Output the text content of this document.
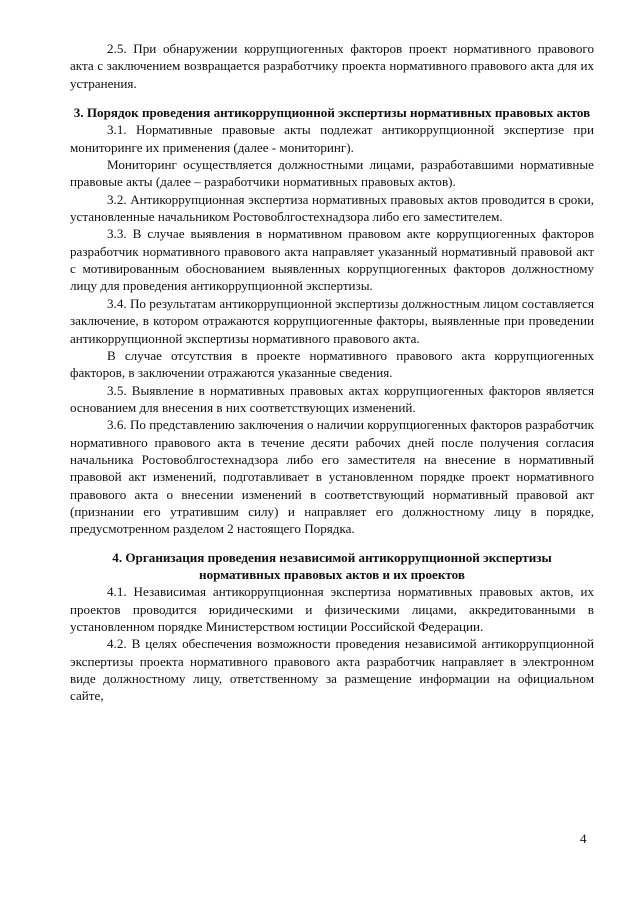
2.5. При обнаружении коррупциогенных факторов проект нормативного правового акта с заключением возвращается разработчику проекта нормативного правового акта для их устранения.

3. Порядок проведения антикоррупционной экспертизы нормативных правовых актов

3.1. Нормативные правовые акты подлежат антикоррупционной экспертизе при мониторинге их применения (далее - мониторинг).

Мониторинг осуществляется должностными лицами, разработавшими нормативные правовые акты (далее – разработчики нормативных правовых актов).

3.2. Антикоррупционная экспертиза нормативных правовых актов проводится в сроки, установленные начальником Ростовоблгостехнадзора либо его заместителем.

3.3. В случае выявления в нормативном правовом акте коррупциогенных факторов разработчик нормативного правового акта направляет указанный нормативный правовой акт с мотивированным обоснованием выявленных коррупциогенных факторов должностному лицу для проведения антикоррупционной экспертизы.

3.4. По результатам антикоррупционной экспертизы должностным лицом составляется заключение, в котором отражаются коррупциогенные факторы, выявленные при проведении антикоррупционной экспертизы нормативного правового акта.

В случае отсутствия в проекте нормативного правового акта коррупциогенных факторов, в заключении отражаются указанные сведения.

3.5. Выявление в нормативных правовых актах коррупциогенных факторов является основанием для внесения в них соответствующих изменений.

3.6. По представлению заключения о наличии коррупциогенных факторов разработчик нормативного правового акта в течение десяти рабочих дней после получения согласия начальника Ростовоблгостехнадзора либо его заместителя на внесение в нормативный правовой акт изменений, подготавливает в установленном порядке проект нормативного правового акта о внесении изменений в соответствующий нормативный правовой акт (признании его утратившим силу) и направляет его должностному лицу в порядке, предусмотренном разделом 2 настоящего Порядка.

4. Организация проведения независимой антикоррупционной экспертизы нормативных правовых актов и их проектов

4.1. Независимая антикоррупционная экспертиза нормативных правовых актов, их проектов проводится юридическими и физическими лицами, аккредитованными в установленном порядке Министерством юстиции Российской Федерации.

4.2. В целях обеспечения возможности проведения независимой антикоррупционной экспертизы проекта нормативного правового акта разработчик направляет в электронном виде должностному лицу, ответственному за размещение информации на официальном сайте,

4
